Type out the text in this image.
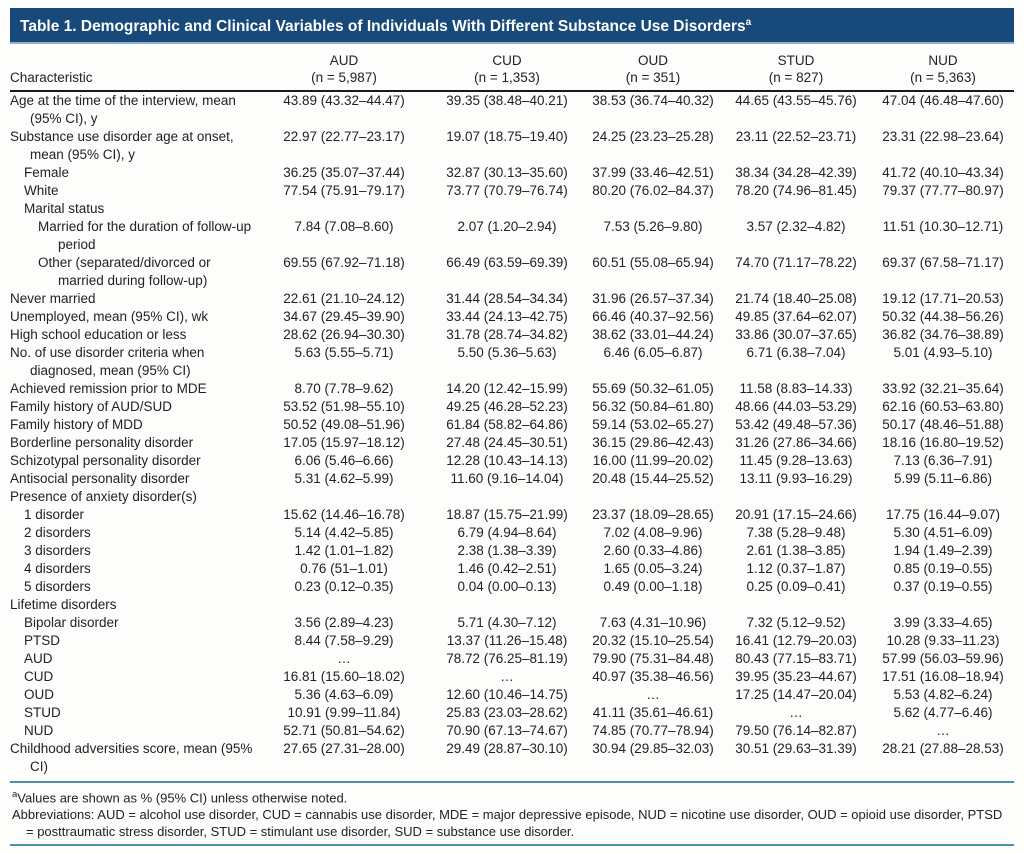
Table 1. Demographic and Clinical Variables of Individuals With Different Substance Use Disorders$^a$
	AUD	CUD	OUD	STUD	NUD
Characteristic	(n = 5,987)	(n = 1,353)	(n = 351)	(n = 827)	(n = 5,363)
Age at the time of the interview, mean (95% CI), y	43.89 (43.32–44.47)	39.35 (38.48–40.21)	38.53 (36.74–40.32)	44.65 (43.55–45.76)	47.04 (46.48–47.60)
Substance use disorder age at onset, mean (95% CI), y	22.97 (22.77–23.17)	19.07 (18.75–19.40)	24.25 (23.23–25.28)	23.11 (22.52–23.71)	23.31 (22.98–23.64)
Female	36.25 (35.07–37.44)	32.87 (30.13–35.60)	37.99 (33.46–42.51)	38.34 (34.28–42.39)	41.72 (40.10–43.34)
White	77.54 (75.91–79.17)	73.77 (70.79–76.74)	80.20 (76.02–84.37)	78.20 (74.96–81.45)	79.37 (77.77–80.97)
Marital status					
Married for the duration of follow-up period	7.84 (7.08–8.60)	2.07 (1.20–2.94)	7.53 (5.26–9.80)	3.57 (2.32–4.82)	11.51 (10.30–12.71)
Other (separated/divorced or married during follow-up)	69.55 (67.92–71.18)	66.49 (63.59–69.39)	60.51 (55.08–65.94)	74.70 (71.17–78.22)	69.37 (67.58–71.17)
Never married	22.61 (21.10–24.12)	31.44 (28.54–34.34)	31.96 (26.57–37.34)	21.74 (18.40–25.08)	19.12 (17.71–20.53)
Unemployed, mean (95% CI), wk	34.67 (29.45–39.90)	33.44 (24.13–42.75)	66.46 (40.37–92.56)	49.85 (37.64–62.07)	50.32 (44.38–56.26)
High school education or less	28.62 (26.94–30.30)	31.78 (28.74–34.82)	38.62 (33.01–44.24)	33.86 (30.07–37.65)	36.82 (34.76–38.89)
No. of use disorder criteria when diagnosed, mean (95% CI)	5.63 (5.55–5.71)	5.50 (5.36–5.63)	6.46 (6.05–6.87)	6.71 (6.38–7.04)	5.01 (4.93–5.10)
Achieved remission prior to MDE	8.70 (7.78–9.62)	14.20 (12.42–15.99)	55.69 (50.32–61.05)	11.58 (8.83–14.33)	33.92 (32.21–35.64)
Family history of AUD/SUD	53.52 (51.98–55.10)	49.25 (46.28–52.23)	56.32 (50.84–61.80)	48.66 (44.03–53.29)	62.16 (60.53–63.80)
Family history of MDD	50.52 (49.08–51.96)	61.84 (58.82–64.86)	59.14 (53.02–65.27)	53.42 (49.48–57.36)	50.17 (48.46–51.88)
Borderline personality disorder	17.05 (15.97–18.12)	27.48 (24.45–30.51)	36.15 (29.86–42.43)	31.26 (27.86–34.66)	18.16 (16.80–19.52)
Schizotypal personality disorder	6.06 (5.46–6.66)	12.28 (10.43–14.13)	16.00 (11.99–20.02)	11.45 (9.28–13.63)	7.13 (6.36–7.91)
Antisocial personality disorder	5.31 (4.62–5.99)	11.60 (9.16–14.04)	20.48 (15.44–25.52)	13.11 (9.93–16.29)	5.99 (5.11–6.86)
Presence of anxiety disorder(s)					
1 disorder	15.62 (14.46–16.78)	18.87 (15.75–21.99)	23.37 (18.09–28.65)	20.91 (17.15–24.66)	17.75 (16.44–9.07)
2 disorders	5.14 (4.42–5.85)	6.79 (4.94–8.64)	7.02 (4.08–9.96)	7.38 (5.28–9.48)	5.30 (4.51–6.09)
3 disorders	1.42 (1.01–1.82)	2.38 (1.38–3.39)	2.60 (0.33–4.86)	2.61 (1.38–3.85)	1.94 (1.49–2.39)
4 disorders	0.76 (51–1.01)	1.46 (0.42–2.51)	1.65 (0.05–3.24)	1.12 (0.37–1.87)	0.85 (0.19–0.55)
5 disorders	0.23 (0.12–0.35)	0.04 (0.00–0.13)	0.49 (0.00–1.18)	0.25 (0.09–0.41)	0.37 (0.19–0.55)
Lifetime disorders					
Bipolar disorder	3.56 (2.89–4.23)	5.71 (4.30–7.12)	7.63 (4.31–10.96)	7.32 (5.12–9.52)	3.99 (3.33–4.65)
PTSD	8.44 (7.58–9.29)	13.37 (11.26–15.48)	20.32 (15.10–25.54)	16.41 (12.79–20.03)	10.28 (9.33–11.23)
AUD	…	78.72 (76.25–81.19)	79.90 (75.31–84.48)	80.43 (77.15–83.71)	57.99 (56.03–59.96)
CUD	16.81 (15.60–18.02)	…	40.97 (35.38–46.56)	39.95 (35.23–44.67)	17.51 (16.08–18.94)
OUD	5.36 (4.63–6.09)	12.60 (10.46–14.75)	…	17.25 (14.47–20.04)	5.53 (4.82–6.24)
STUD	10.91 (9.99–11.84)	25.83 (23.03–28.62)	41.11 (35.61–46.61)	…	5.62 (4.77–6.46)
NUD	52.71 (50.81–54.62)	70.90 (67.13–74.67)	74.85 (70.77–78.94)	79.50 (76.14–82.87)	…
Childhood adversities score, mean (95% CI)	27.65 (27.31–28.00)	29.49 (28.87–30.10)	30.94 (29.85–32.03)	30.51 (29.63–31.39)	28.21 (27.88–28.53)
$^a$Values are shown as % (95% CI) unless otherwise noted.
Abbreviations: AUD = alcohol use disorder, CUD = cannabis use disorder, MDE = major depressive episode, NUD = nicotine use disorder, OUD = opioid use disorder, PTSD = posttraumatic stress disorder, STUD = stimulant use disorder, SUD = substance use disorder.
